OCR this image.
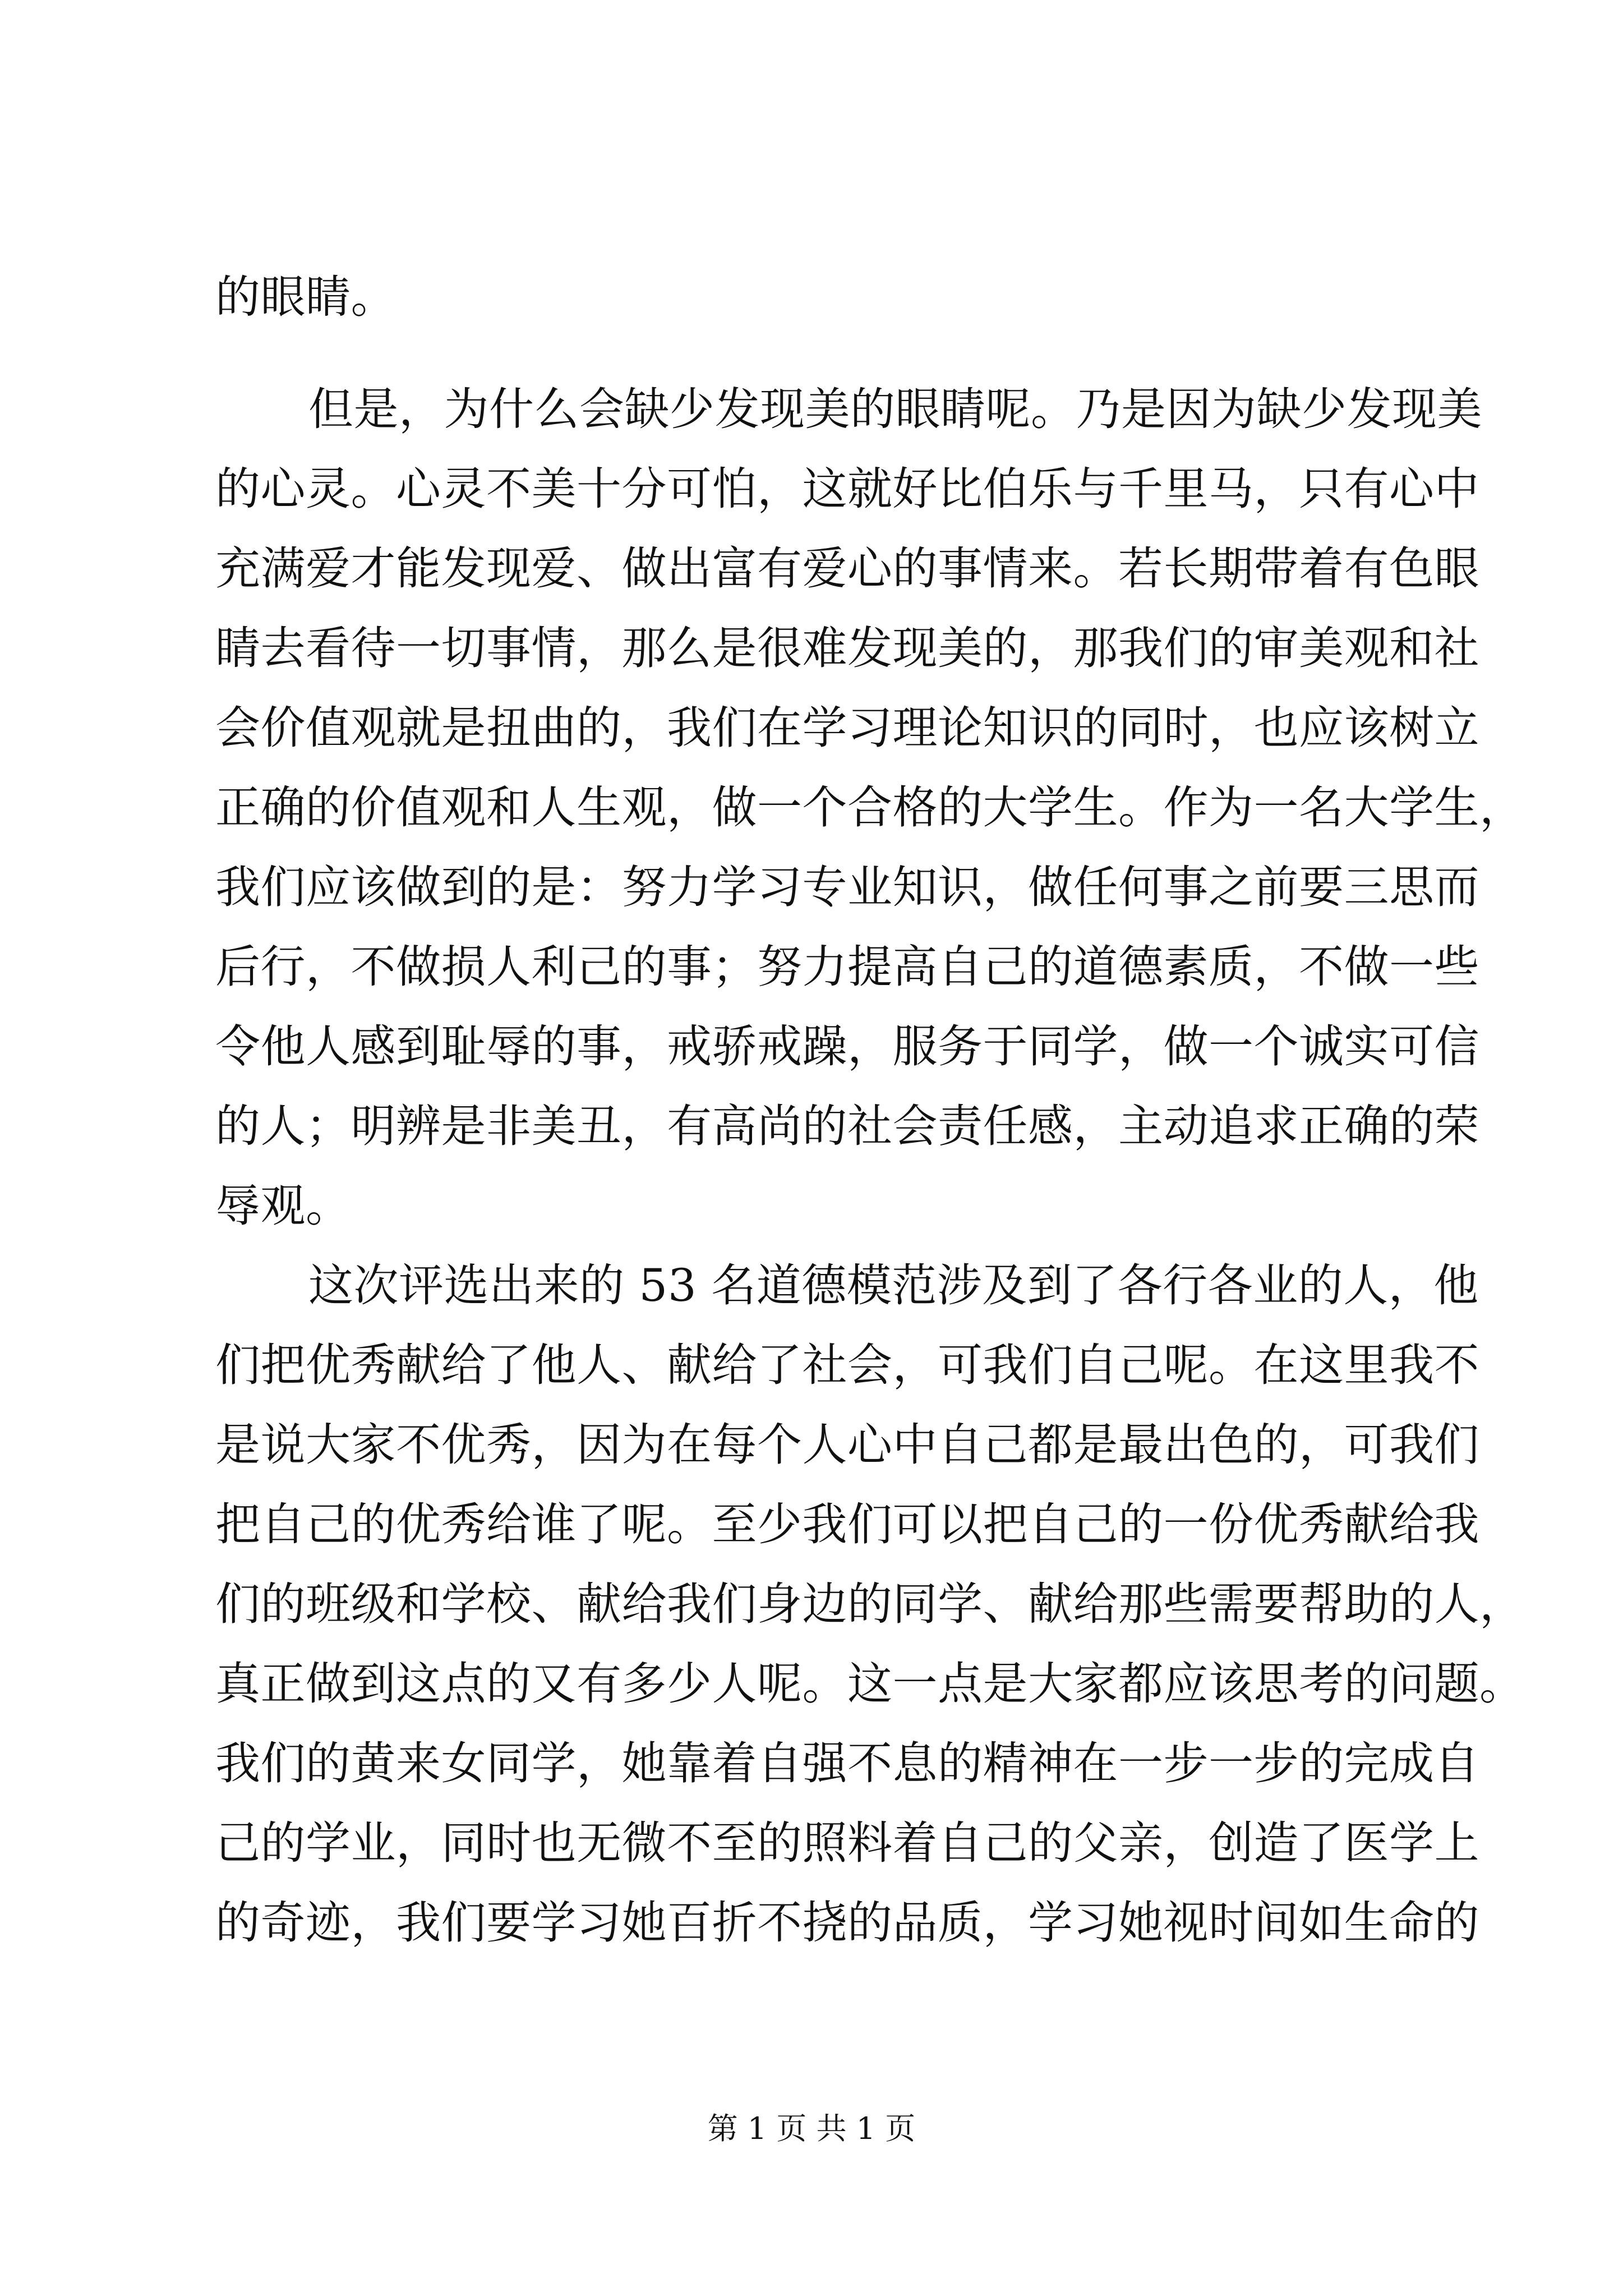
的眼睛。
但是，为什么会缺少发现美的眼睛呢。乃是因为缺少发现美
的心灵。心灵不美十分可怕，这就好比伯乐与千里马，只有心中
充满爱才能发现爱、做出富有爱心的事情来。若长期带着有色眼
睛去看待一切事情，那么是很难发现美的，那我们的审美观和社
会价值观就是扭曲的，我们在学习理论知识的同时，也应该树立
正确的价值观和人生观，做一个合格的大学生。作为一名大学生，
我们应该做到的是：努力学习专业知识，做任何事之前要三思而
后行，不做损人利己的事；努力提高自己的道德素质，不做一些
令他人感到耻辱的事，戒骄戒躁，服务于同学，做一个诚实可信
的人；明辨是非美丑，有高尚的社会责任感，主动追求正确的荣
辱观。
这次评选出来的 53 名道德模范涉及到了各行各业的人，他
们把优秀献给了他人、献给了社会，可我们自己呢。在这里我不
是说大家不优秀，因为在每个人心中自己都是最出色的，可我们
把自己的优秀给谁了呢。至少我们可以把自己的一份优秀献给我
们的班级和学校、献给我们身边的同学、献给那些需要帮助的人，
真正做到这点的又有多少人呢。这一点是大家都应该思考的问题。
我们的黄来女同学，她靠着自强不息的精神在一步一步的完成自
己的学业，同时也无微不至的照料着自己的父亲，创造了医学上
的奇迹，我们要学习她百折不挠的品质，学习她视时间如生命的
第 1 页 共 1 页
